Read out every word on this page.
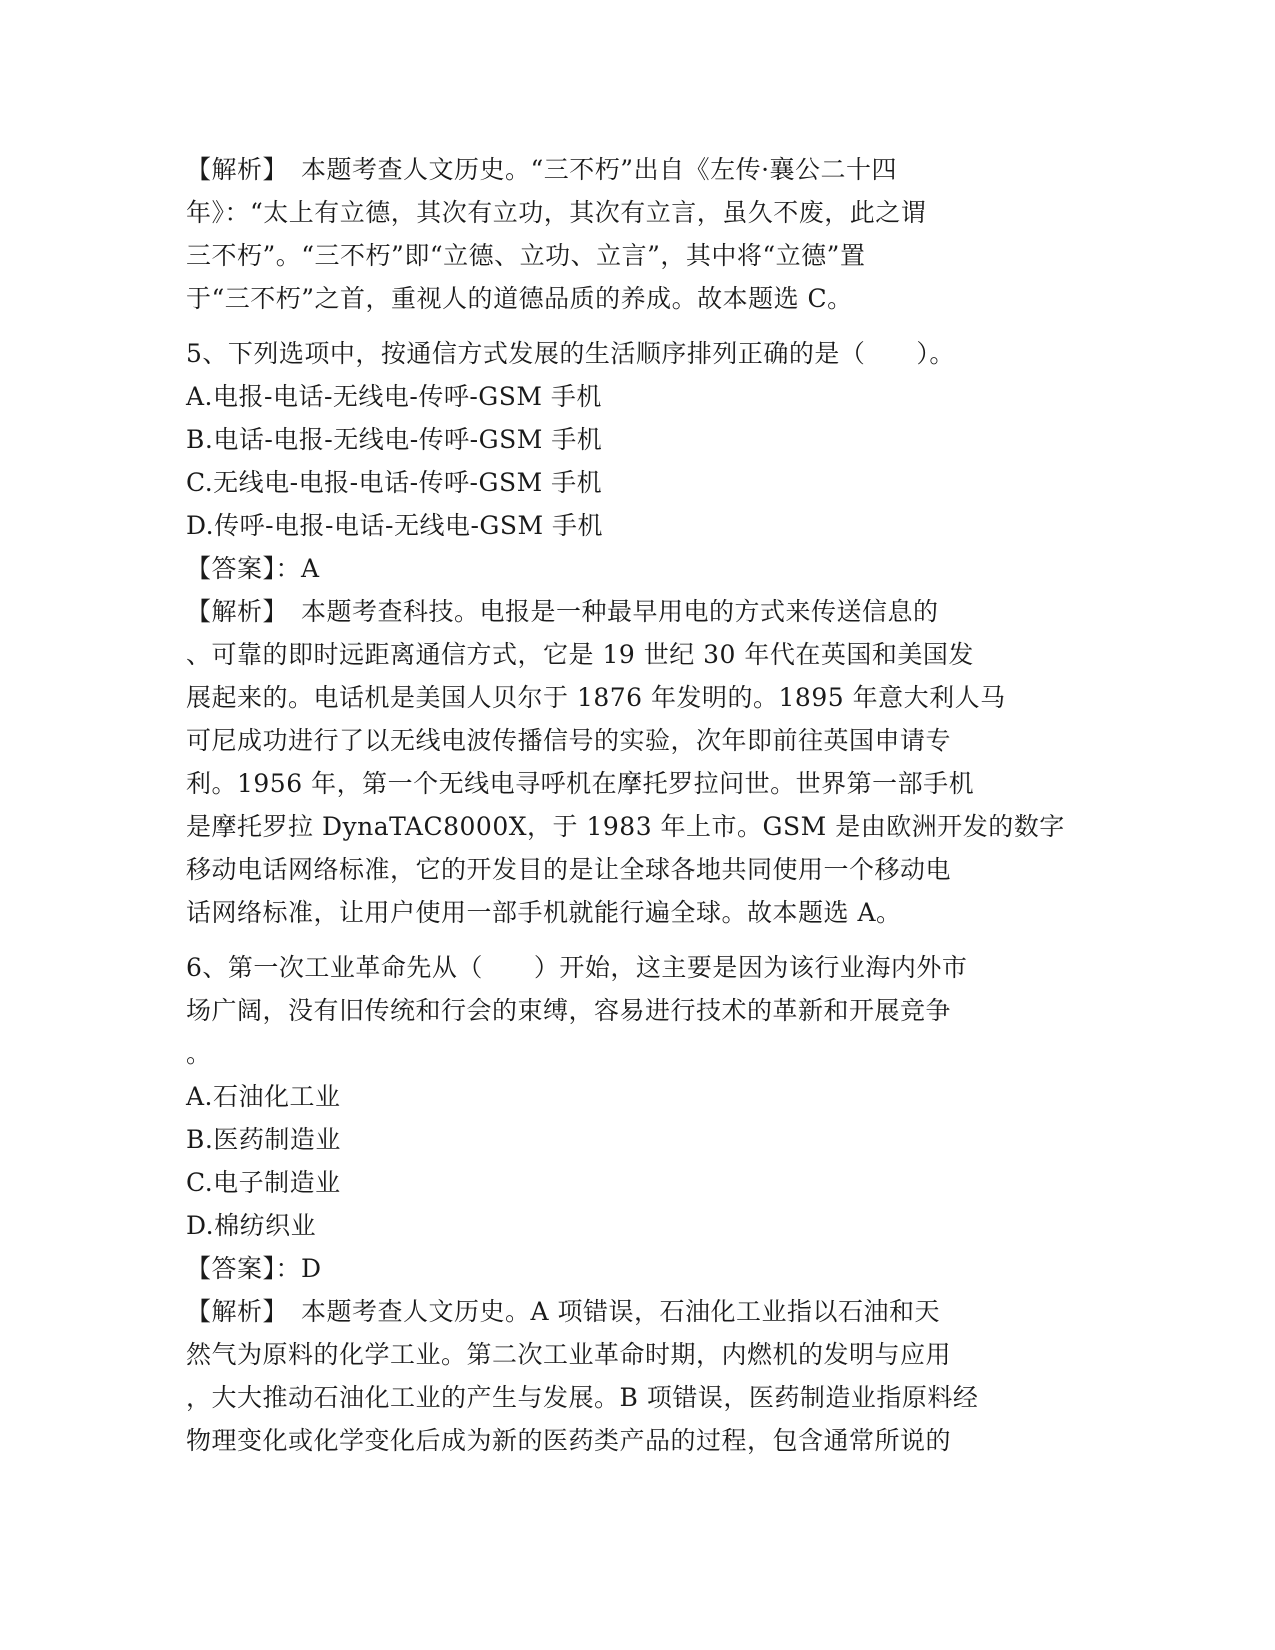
【解析】　本题考查人文历史。“三不朽”出自《左传·襄公二十四
年》：“太上有立德，其次有立功，其次有立言，虽久不废，此之谓
三不朽”。“三不朽”即“立德、立功、立言”，其中将“立德”置
于“三不朽”之首，重视人的道德品质的养成。故本题选 C。
5、下列选项中，按通信方式发展的生活顺序排列正确的是（　　）。
A.电报-电话-无线电-传呼-GSM 手机
B.电话-电报-无线电-传呼-GSM 手机
C.无线电-电报-电话-传呼-GSM 手机
D.传呼-电报-电话-无线电-GSM 手机
【答案】：A
【解析】　本题考查科技。电报是一种最早用电的方式来传送信息的
、可靠的即时远距离通信方式，它是 19 世纪 30 年代在英国和美国发
展起来的。电话机是美国人贝尔于 1876 年发明的。1895 年意大利人马
可尼成功进行了以无线电波传播信号的实验，次年即前往英国申请专
利。1956 年，第一个无线电寻呼机在摩托罗拉问世。世界第一部手机
是摩托罗拉 DynaTAC8000X，于 1983 年上市。GSM 是由欧洲开发的数字
移动电话网络标准，它的开发目的是让全球各地共同使用一个移动电
话网络标准，让用户使用一部手机就能行遍全球。故本题选 A。
6、第一次工业革命先从（　　）开始，这主要是因为该行业海内外市
场广阔，没有旧传统和行会的束缚，容易进行技术的革新和开展竞争
。
A.石油化工业
B.医药制造业
C.电子制造业
D.棉纺织业
【答案】：D
【解析】　本题考查人文历史。A 项错误，石油化工业指以石油和天
然气为原料的化学工业。第二次工业革命时期，内燃机的发明与应用
，大大推动石油化工业的产生与发展。B 项错误，医药制造业指原料经
物理变化或化学变化后成为新的医药类产品的过程，包含通常所说的
